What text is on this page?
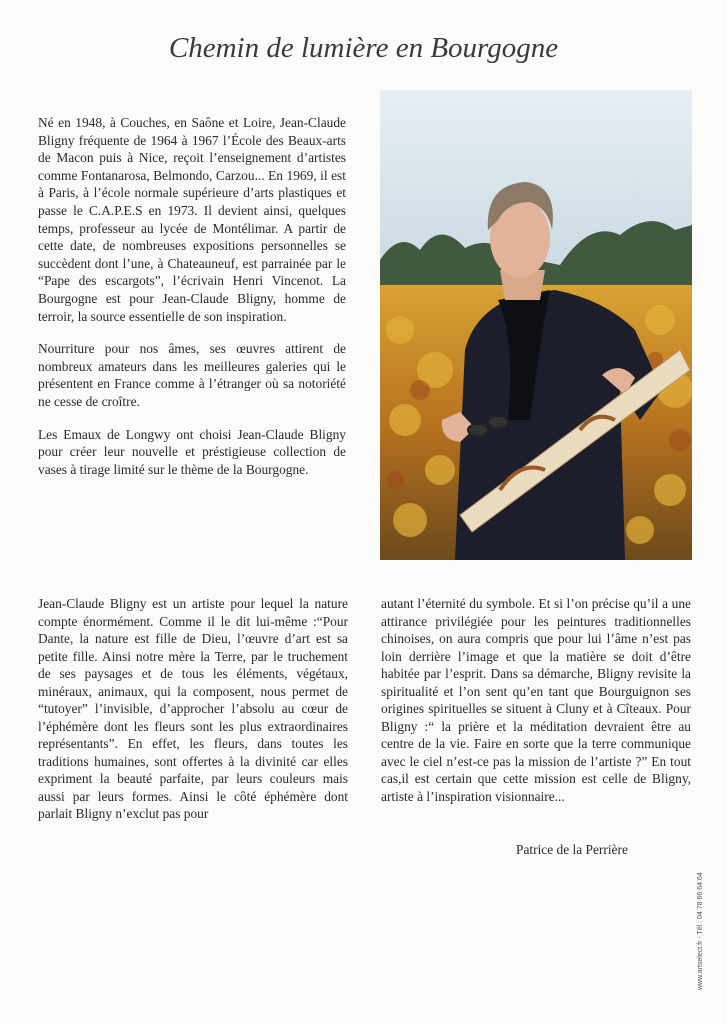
Chemin de lumière en Bourgogne

Né en 1948, à Couches, en Saône et Loire, Jean-Claude Bligny fréquente de 1964 à 1967 l’École des Beaux-arts de Macon puis à Nice, reçoit l’enseignement d’artistes comme Fontanarosa, Belmondo, Carzou... En 1969, il est à Paris, à l’école normale supérieure d’arts plastiques et passe le C.A.P.E.S en 1973. Il devient ainsi, quelques temps, professeur au lycée de Montélimar. A partir de cette date, de nombreuses expositions personnelles se succèdent dont l’une, à Chateauneuf, est parrainée par le “Pape des escargots”, l’écrivain Henri Vincenot. La Bourgogne est pour Jean-Claude Bligny, homme de terroir, la source essentielle de son inspiration.

Nourriture pour nos âmes, ses œuvres attirent de nombreux amateurs dans les meilleures galeries qui le présentent en France comme à l’étranger où sa notoriété ne cesse de croître.

Les Emaux de Longwy ont choisi Jean-Claude Bligny pour créer leur nouvelle et préstigieuse collection de vases à tirage limité sur le thème de la Bourgogne.

Jean-Claude Bligny est un artiste pour lequel la nature compte énormément. Comme il le dit lui-même :“Pour Dante, la nature est fille de Dieu, l’œuvre d’art est sa petite fille. Ainsi notre mère la Terre, par le truchement de ses paysages et de tous les éléments, végétaux, minéraux, animaux, qui la composent, nous permet de “tutoyer” l’invisible, d’approcher l’absolu au cœur de l’éphémère dont les fleurs sont les plus extraordinaires représentants”. En effet, les fleurs, dans toutes les traditions humaines, sont offertes à la divinité car elles expriment la beauté parfaite, par leurs couleurs mais aussi par leurs formes. Ainsi le côté éphémère dont parlait Bligny n’exclut pas pour

autant l’éternité du symbole. Et si l’on précise qu’il a une attirance privilégiée pour les peintures traditionnelles chinoises, on aura compris que pour lui l’âme n’est pas loin derrière l’image et que la matière se doit d’être habitée par l’esprit. Dans sa démarche, Bligny revisite la spiritualité et l’on sent qu’en tant que Bourguignon ses origines spirituelles se situent à Cluny et à Cîteaux. Pour Bligny :“ la prière et la méditation devraient être au centre de la vie. Faire en sorte que la terre communique avec le ciel n’est-ce pas la mission de l’artiste ?” En tout cas,il est certain que cette mission est celle de Bligny, artiste à l’inspiration visionnaire...

Patrice de la Perrière
www.artselect.fr - Tél : 04 78 66 64 64
